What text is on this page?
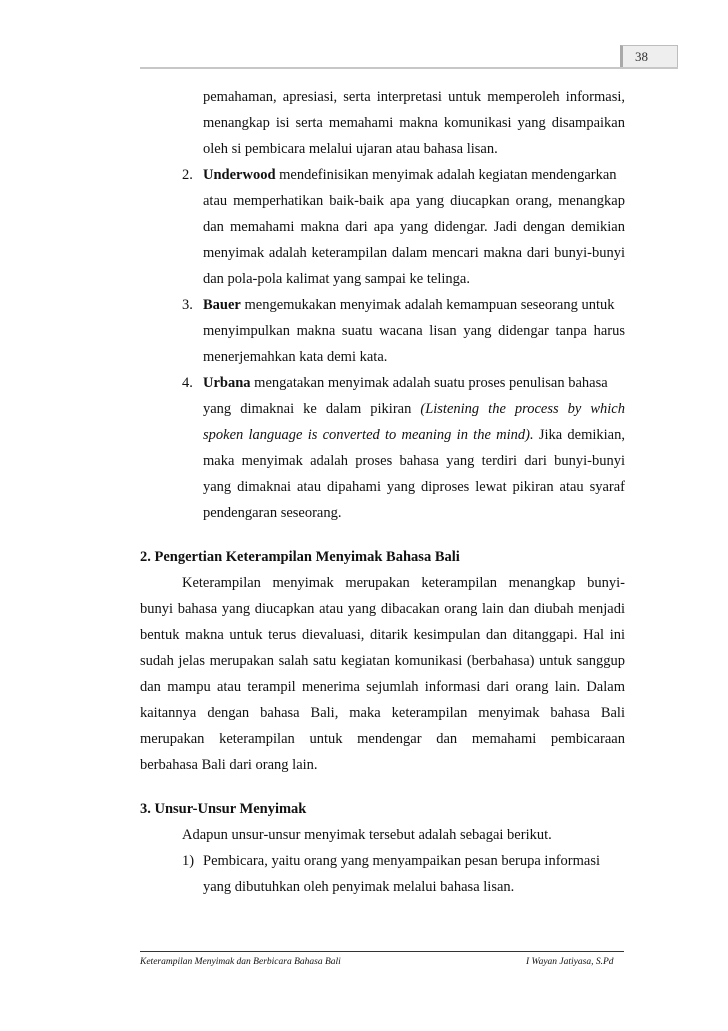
38
pemahaman, apresiasi, serta interpretasi untuk memperoleh informasi,
menangkap isi serta memahami makna komunikasi yang disampaikan
oleh si pembicara melalui ujaran atau bahasa lisan.
2. Underwood mendefinisikan menyimak adalah kegiatan mendengarkan
atau memperhatikan baik-baik apa yang diucapkan orang, menangkap
dan memahami makna dari apa yang didengar. Jadi dengan demikian
menyimak adalah keterampilan dalam mencari makna dari bunyi-bunyi
dan pola-pola kalimat yang sampai ke telinga.
3. Bauer mengemukakan menyimak adalah kemampuan seseorang untuk
menyimpulkan makna suatu wacana lisan yang didengar tanpa harus
menerjemahkan kata demi kata.
4. Urbana mengatakan menyimak adalah suatu proses penulisan bahasa
yang dimaknai ke dalam pikiran (Listening the process by which
spoken language is converted to meaning in the mind). Jika demikian,
maka menyimak adalah proses bahasa yang terdiri dari bunyi-bunyi
yang dimaknai atau dipahami yang diproses lewat pikiran atau syaraf
pendengaran seseorang.
2. Pengertian Keterampilan Menyimak Bahasa Bali
Keterampilan menyimak merupakan keterampilan menangkap bunyi-
bunyi bahasa yang diucapkan atau yang dibacakan orang lain dan diubah menjadi
bentuk makna untuk terus dievaluasi, ditarik kesimpulan dan ditanggapi. Hal ini
sudah jelas merupakan salah satu kegiatan komunikasi (berbahasa) untuk sanggup
dan mampu atau terampil menerima sejumlah informasi dari orang lain. Dalam
kaitannya dengan bahasa Bali, maka keterampilan menyimak bahasa Bali
merupakan keterampilan untuk mendengar dan memahami pembicaraan
berbahasa Bali dari orang lain.
3. Unsur-Unsur Menyimak
Adapun unsur-unsur menyimak tersebut adalah sebagai berikut.
1) Pembicara, yaitu orang yang menyampaikan pesan berupa informasi
yang dibutuhkan oleh penyimak melalui bahasa lisan.
Keterampilan Menyimak dan Berbicara Bahasa Bali	I Wayan Jatiyasa, S.Pd
